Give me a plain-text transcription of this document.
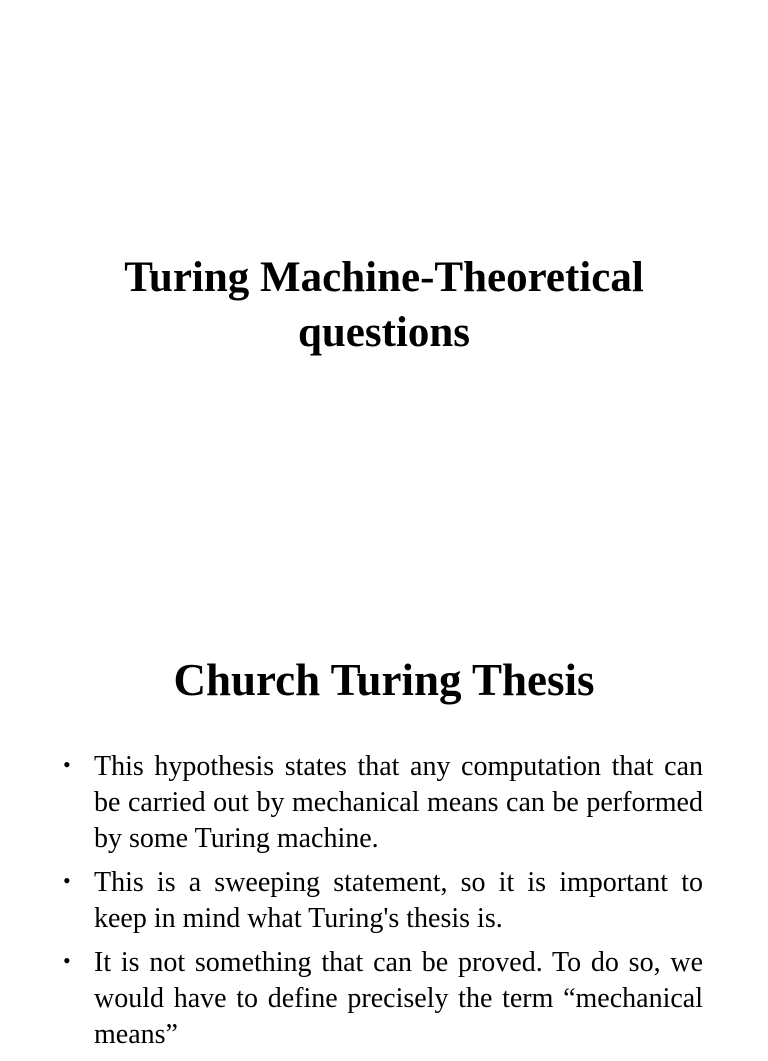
Turing Machine-Theoretical questions
Church Turing Thesis
• This hypothesis states that any computation that can be carried out by mechanical means can be performed by some Turing machine.
• This is a sweeping statement, so it is important to keep in mind what Turing's thesis is.
• It is not something that can be proved. To do so, we would have to define precisely the term “mechanical means”
